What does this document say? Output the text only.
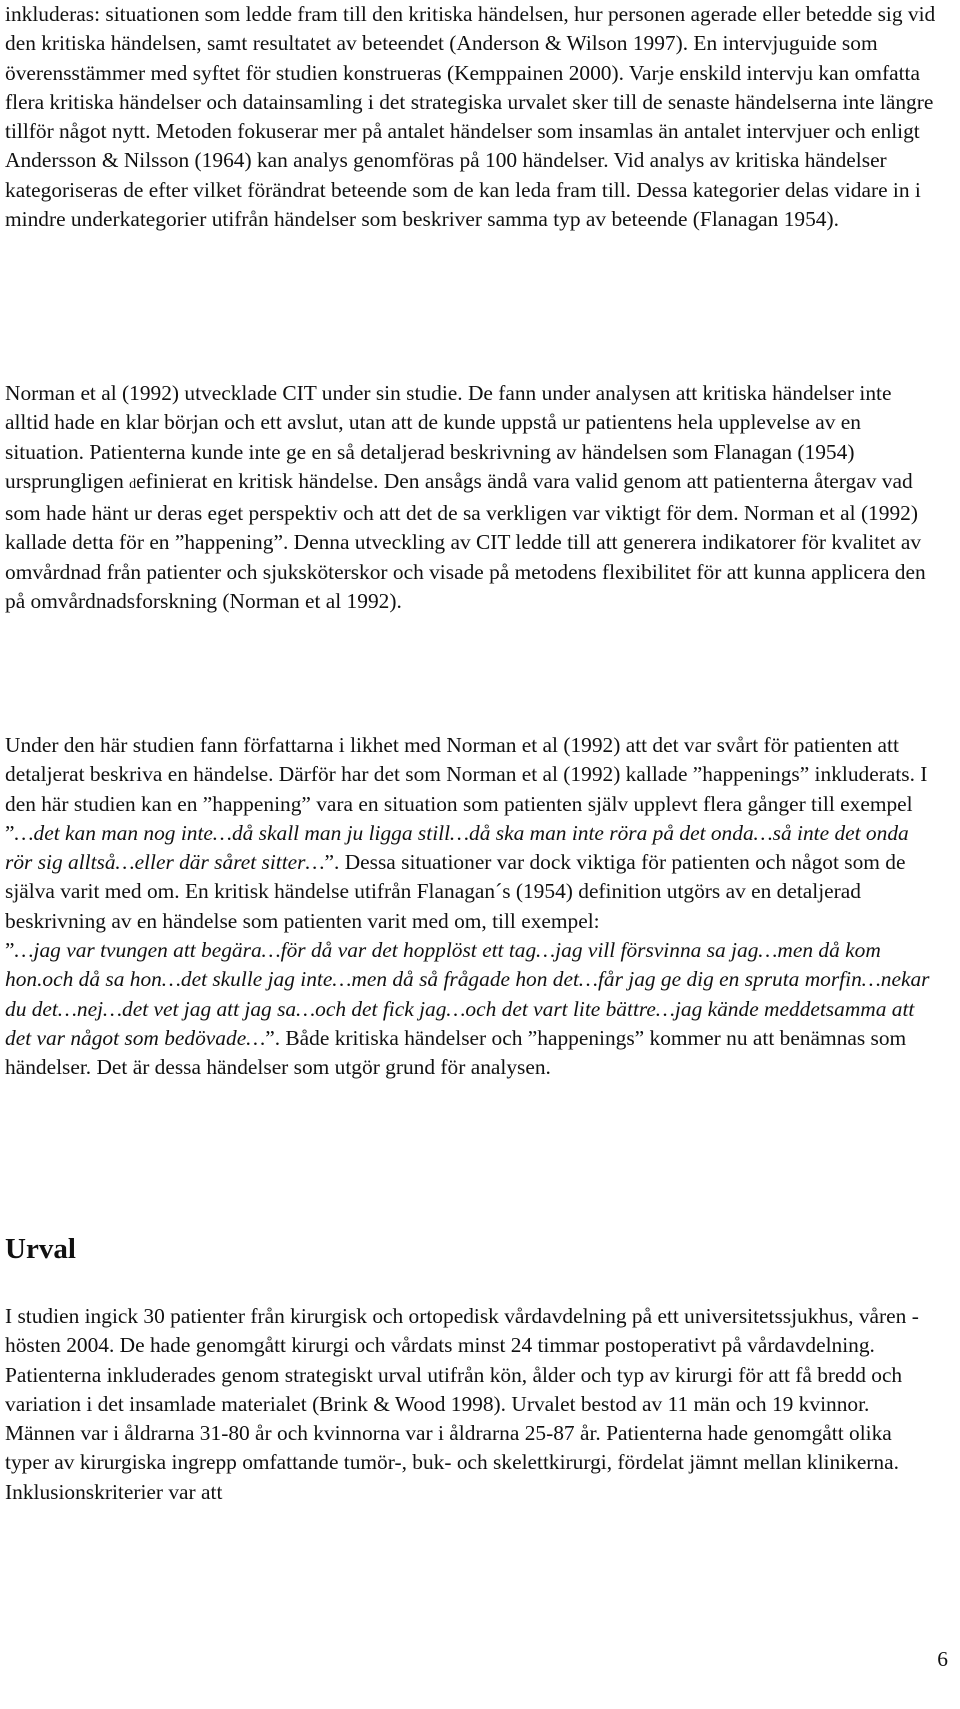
inkluderas: situationen som ledde fram till den kritiska händelsen, hur personen agerade eller betedde sig vid den kritiska händelsen, samt resultatet av beteendet (Anderson & Wilson 1997). En intervjuguide som överensstämmer med syftet för studien konstrueras (Kemppainen 2000). Varje enskild intervju kan omfatta flera kritiska händelser och datainsamling i det strategiska urvalet sker till de senaste händelserna inte längre tillför något nytt. Metoden fokuserar mer på antalet händelser som insamlas än antalet intervjuer och enligt Andersson & Nilsson (1964) kan analys genomföras på 100 händelser. Vid analys av kritiska händelser kategoriseras de efter vilket förändrat beteende som de kan leda fram till. Dessa kategorier delas vidare in i mindre underkategorier utifrån händelser som beskriver samma typ av beteende (Flanagan 1954).

Norman et al (1992) utvecklade CIT under sin studie. De fann under analysen att kritiska händelser inte alltid hade en klar början och ett avslut, utan att de kunde uppstå ur patientens hela upplevelse av en situation. Patienterna kunde inte ge en så detaljerad beskrivning av händelsen som Flanagan (1954) ursprungligen definierat en kritisk händelse. Den ansågs ändå vara valid genom att patienterna återgav vad som hade hänt ur deras eget perspektiv och att det de sa verkligen var viktigt för dem. Norman et al (1992) kallade detta för en ”happening”. Denna utveckling av CIT ledde till att generera indikatorer för kvalitet av omvårdnad från patienter och sjuksköterskor och visade på metodens flexibilitet för att kunna applicera den på omvårdnadsforskning (Norman et al 1992).

Under den här studien fann författarna i likhet med Norman et al (1992) att det var svårt för patienten att detaljerat beskriva en händelse. Därför har det som Norman et al (1992) kallade ”happenings” inkluderats. I den här studien kan en ”happening” vara en situation som patienten själv upplevt flera gånger till exempel ”…det kan man nog inte…då skall man ju ligga still…då ska man inte röra på det onda…så inte det onda rör sig alltså…eller där såret sitter…”. Dessa situationer var dock viktiga för patienten och något som de själva varit med om. En kritisk händelse utifrån Flanagan´s (1954) definition utgörs av en detaljerad beskrivning av en händelse som patienten varit med om, till exempel:
”…jag var tvungen att begära…för då var det hopplöst ett tag…jag vill försvinna sa jag…men då kom hon.och då sa hon…det skulle jag inte…men då så frågade hon det…får jag ge dig en spruta morfin…nekar du det…nej…det vet jag att jag sa…och det fick jag…och det vart lite bättre…jag kände meddetsamma att det var något som bedövade…”. Både kritiska händelser och ”happenings” kommer nu att benämnas som händelser. Det är dessa händelser som utgör grund för analysen.

Urval

I studien ingick 30 patienter från kirurgisk och ortopedisk vårdavdelning på ett universitetssjukhus, våren -hösten 2004. De hade genomgått kirurgi och vårdats minst 24 timmar postoperativt på vårdavdelning. Patienterna inkluderades genom strategiskt urval utifrån kön, ålder och typ av kirurgi för att få bredd och variation i det insamlade materialet (Brink & Wood 1998). Urvalet bestod av 11 män och 19 kvinnor. Männen var i åldrarna 31-80 år och kvinnorna var i åldrarna 25-87 år. Patienterna hade genomgått olika typer av kirurgiska ingrepp omfattande tumör-, buk- och skelettkirurgi, fördelat jämnt mellan klinikerna. Inklusionskriterier var att

6
